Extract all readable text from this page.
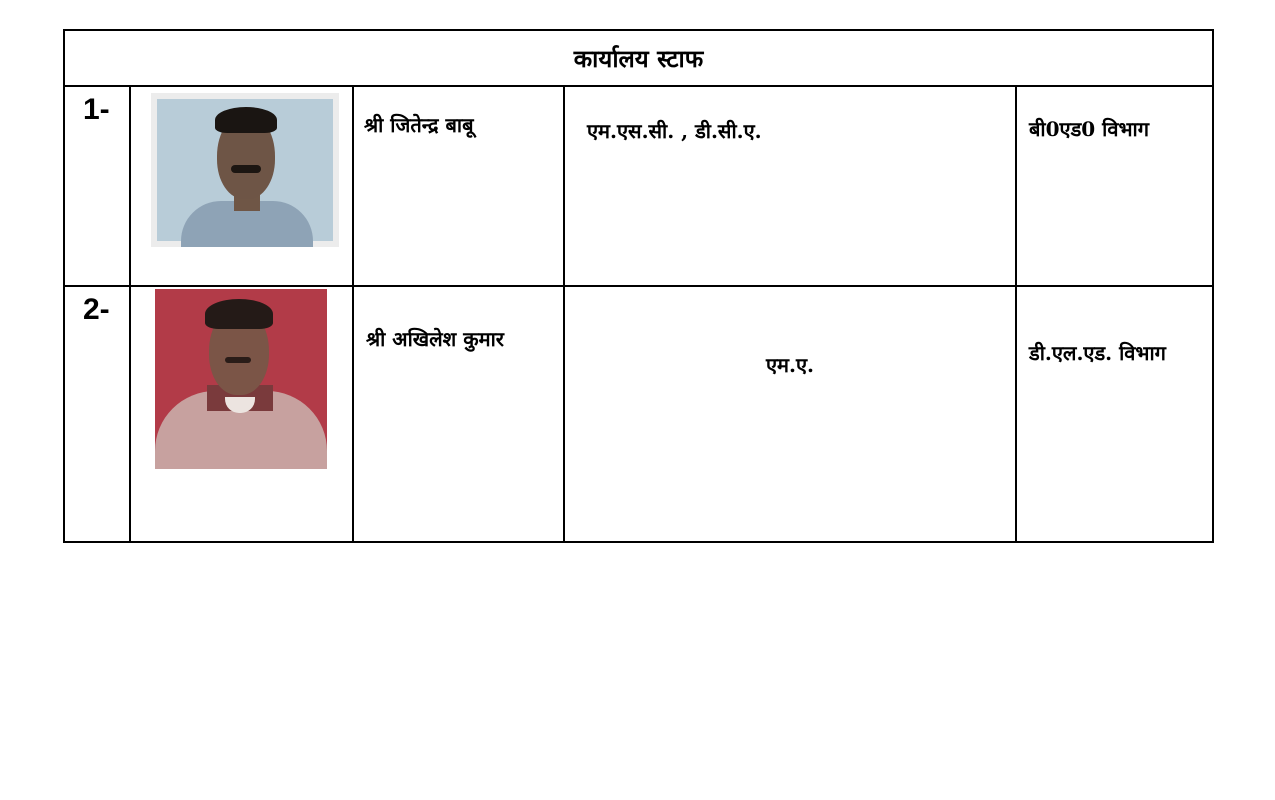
कार्यालय स्टाफ				
1-		श्री जितेन्द्र बाबू	एम.एस.सी. , डी.सी.ए.	बी0एड0 विभाग
2-		श्री अखिलेश कुमार	एम.ए.	डी.एल.एड. विभाग
